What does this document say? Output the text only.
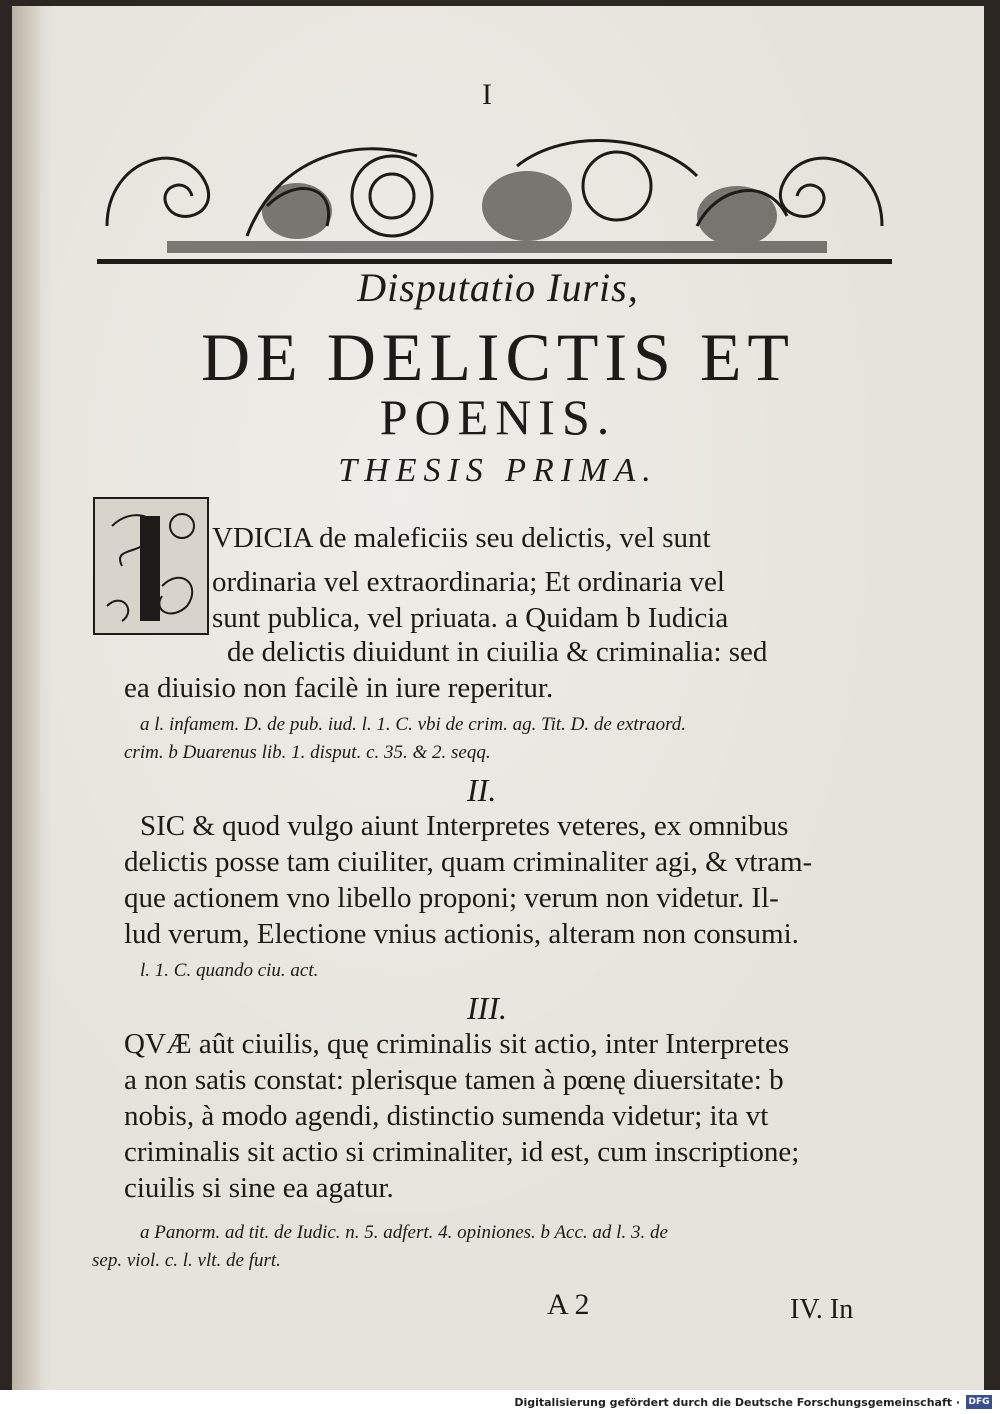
I
Disputatio Iuris,
DE DELICTIS ET
POENIS.
THESIS PRIMA.
VDICIA de maleficiis seu delictis, vel sunt
ordinaria vel extraordinaria; Et ordinaria vel
sunt publica, vel priuata. a Quidam b Iudicia
de delictis diuidunt in ciuilia & criminalia: sed
ea diuisio non facilè in iure reperitur.
a l. infamem. D. de pub. iud. l. 1. C. vbi de crim. ag. Tit. D. de extraord.
crim. b Duarenus lib. 1. disput. c. 35. & 2. seqq.
II.
SIC & quod vulgo aiunt Interpretes veteres, ex omnibus
delictis posse tam ciuiliter, quam criminaliter agi, & vtram-
que actionem vno libello proponi; verum non videtur. Il-
lud verum, Electione vnius actionis, alteram non consumi.
l. 1. C. quando ciu. act.
III.
QVÆ aût ciuilis, quę criminalis sit actio, inter Interpretes
a non satis constat: plerisque tamen à pœnę diuersitate: b
nobis, à modo agendi, distinctio sumenda videtur; ita vt
criminalis sit actio si criminaliter, id est, cum inscriptione;
ciuilis si sine ea agatur.
a Panorm. ad tit. de Iudic. n. 5. adfert. 4. opiniones. b Acc. ad l. 3. de
sep. viol. c. l. vlt. de furt.
A 2	IV. In
Digitalisierung gefördert durch die Deutsche Forschungsgemeinschaft · DFG
